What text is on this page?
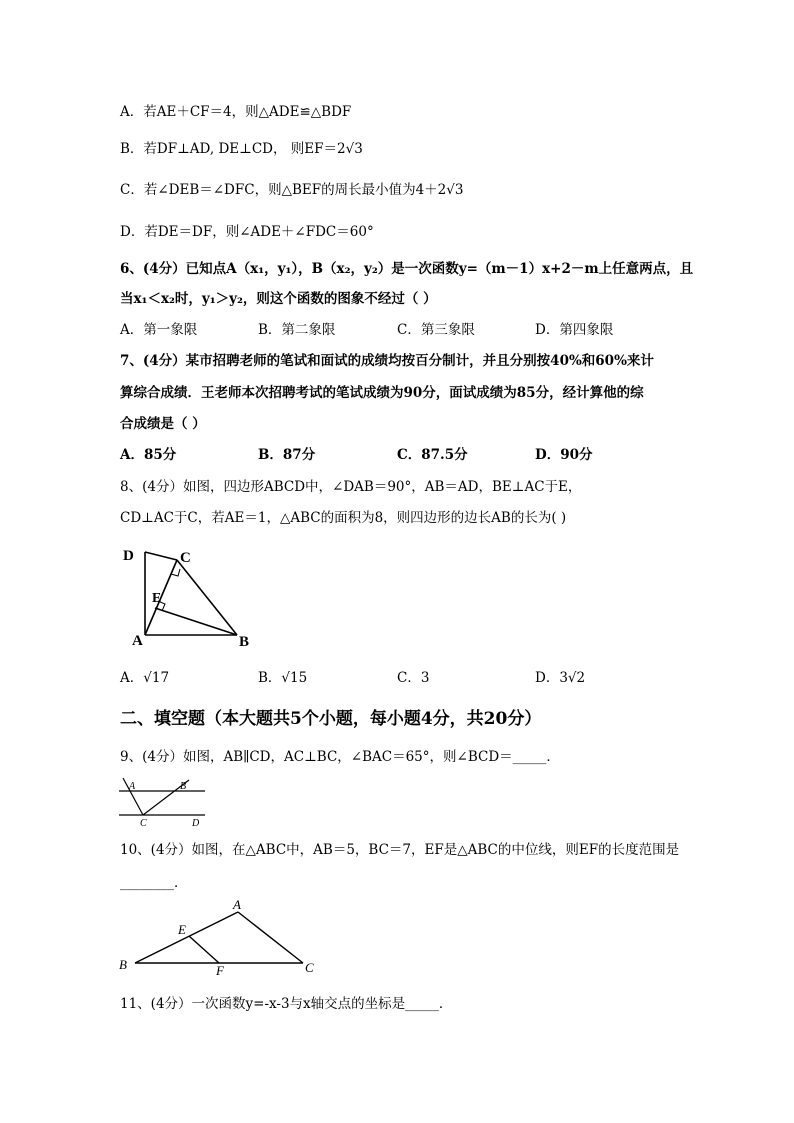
A．若AE＋CF＝4，则△ADE≌△BDF
B．若DF⊥AD, DE⊥CD， 则EF＝2√3
C．若∠DEB＝∠DFC，则△BEF的周长最小值为4＋2√3
D．若DE＝DF，则∠ADE＋∠FDC＝60°
6、(4分）已知点A（x₁，y₁），B（x₂，y₂）是一次函数y=（m－1）x+2－m上任意两点，且
当x₁＜x₂时，y₁＞y₂，则这个函数的图象不经过（ ）
A．第一象限	B．第二象限	C．第三象限	D．第四象限
7、(4分）某市招聘老师的笔试和面试的成绩均按百分制计，并且分别按40%和60%来计
算综合成绩．王老师本次招聘考试的笔试成绩为90分，面试成绩为85分，经计算他的综
合成绩是（ ）
A．85分	B．87分	C．87.5分	D．90分
8、(4分）如图，四边形ABCD中，∠DAB＝90°，AB＝AD，BE⊥AC于E，
CD⊥AC于C，若AE＝1，△ABC的面积为8，则四边形的边长AB的长为( )
D	C
E
A	B
A．√17	B．√15	C．3	D．3√2
二、填空题（本大题共5个小题，每小题4分，共20分）
9、(4分）如图，AB∥CD，AC⊥BC，∠BAC＝65°，则∠BCD＝_____．
A	B
C	D
10、(4分）如图，在△ABC中，AB＝5，BC＝7，EF是△ABC的中位线，则EF的长度范围是
________．
A
E
B	F	C
11、(4分）一次函数y=-x-3与x轴交点的坐标是_____．
